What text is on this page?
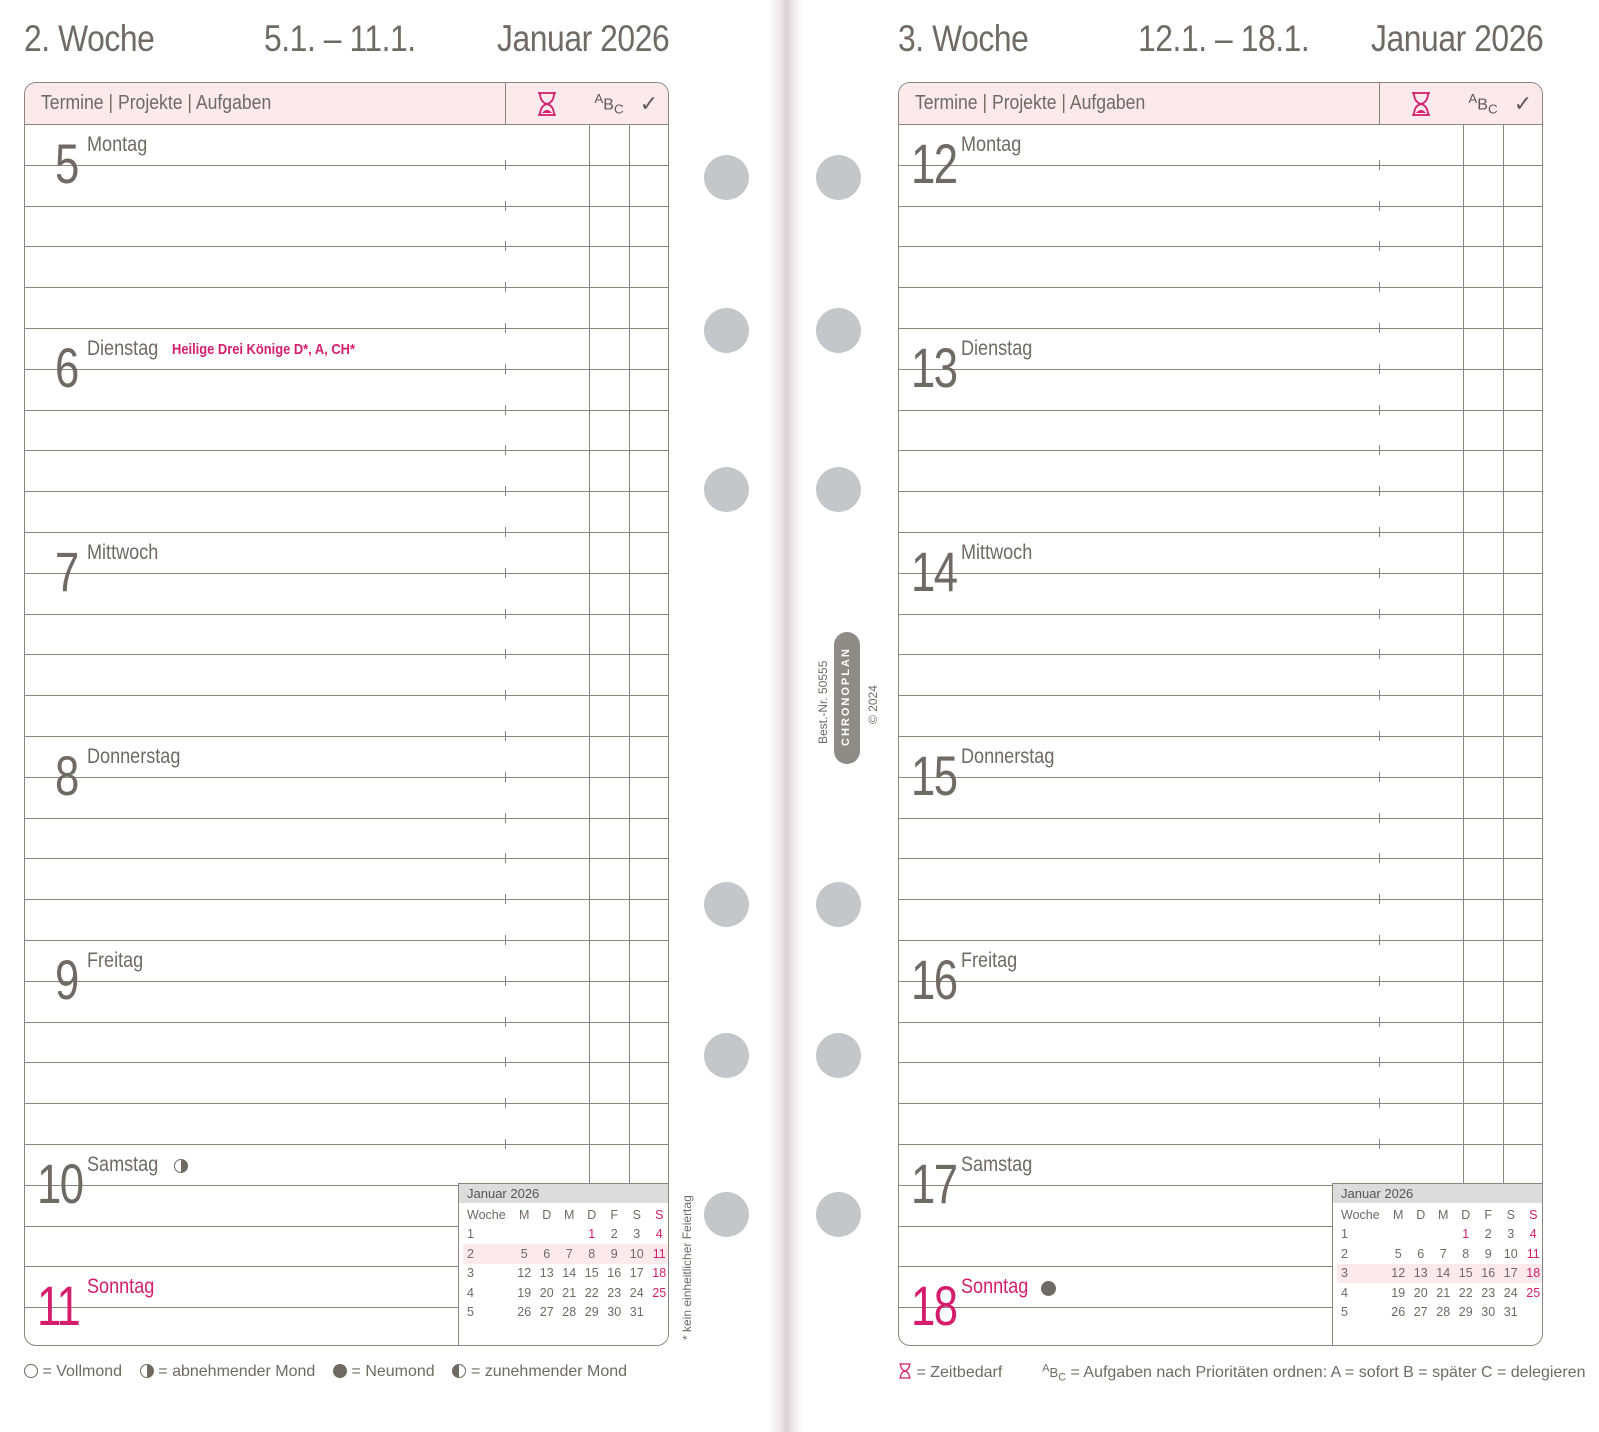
2. Woche	5.1. – 11.1. Januar 2026
Termine | Projekte | Aufgaben	$^AB_C$ ✓
5 Montag
6 Dienstag Heilige Drei Könige D*, A, CH*
7 Mittwoch
8 Donnerstag
9 Freitag
10 Samstag
11 Sonntag
Januar 2026
Woche	M	D	M	D	F	S	S
1				1	2	3	4
2	5	6	7	8	9	10	11
3	12	13	14	15	16	17	18
4	19	20	21	22	23	24	25
5	26	27	28	29	30	31	
= Vollmond = abnehmender Mond = Neumond = zunehmender Mond
* kein einheitlicher Feiertag
Best.-Nr. 50555 CHRONOPLAN © 2024
3. Woche	12.1. – 18.1. Januar 2026
Termine | Projekte | Aufgaben	$^AB_C$ ✓
12 Montag
13 Dienstag
14 Mittwoch
15 Donnerstag
16 Freitag
17 Samstag
18 Sonntag
Januar 2026
Woche	M	D	M	D	F	S	S
1				1	2	3	4
2	5	6	7	8	9	10	11
3	12	13	14	15	16	17	18
4	19	20	21	22	23	24	25
5	26	27	28	29	30	31	
= Zeitbedarf	$^AB_C$ = Aufgaben nach Prioritäten ordnen: A = sofort B = später C = delegieren
